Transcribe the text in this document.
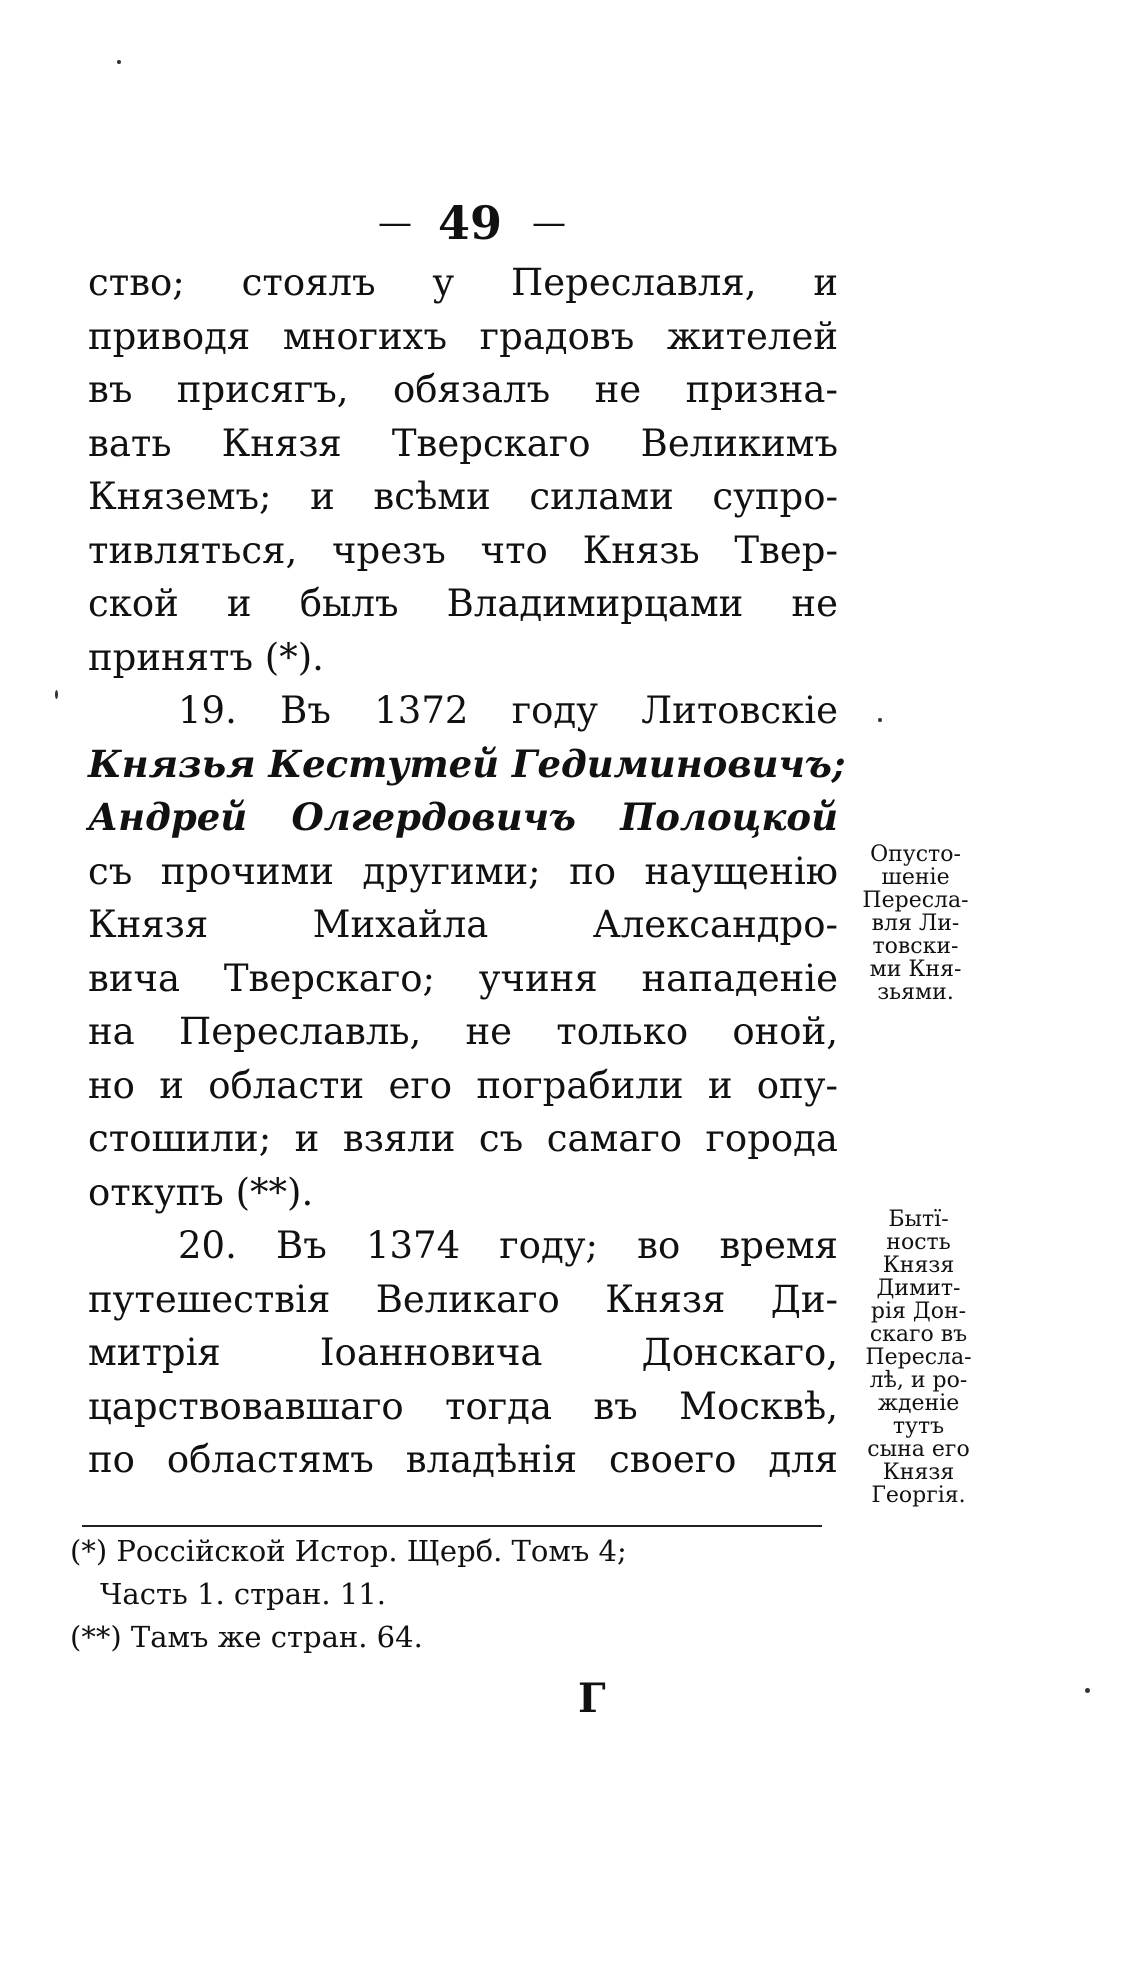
— 49 —
ство; стоялъ у Переславля, и
приводя многихъ градовъ жителей
въ присягъ, обязалъ не призна-
вать Князя Тверскаго Великимъ
Княземъ; и всѣми силами супро-
тивляться, чрезъ что Князь Твер-
ской и былъ Владимирцами не
принятъ (*).
19. Въ 1372 году Литовскіе
Князья Кестутей Гедиминовичъ;
Андрей Олгердовичъ Полоцкой
съ прочими другими; по наущенію
Князя Михайла Александро-
вича Тверскаго; учиня нападеніе
на Переславль, не только оной,
но и области его пограбили и опу-
стошили; и взяли съ самаго города
откупъ (**).
20. Въ 1374 году; во время
путешествія Великаго Князя Ди-
митрія Іоанновича Донскаго,
царствовавшаго тогда въ Москвѣ,
по областямъ владѣнія своего для
Опусто-
шеніе
Пересла-
вля Ли-
товски-
ми Кня-
зьями.
Бытї-
ность
Князя
Димит-
рія Дон-
скаго въ
Пересла-
лѣ, и ро-
жденіе
тутъ
сына его
Князя
Георгія.
(*) Россійской Истор. Щерб. Томъ 4;
Часть 1. стран. 11.
(**) Тамъ же стран. 64.
Г
